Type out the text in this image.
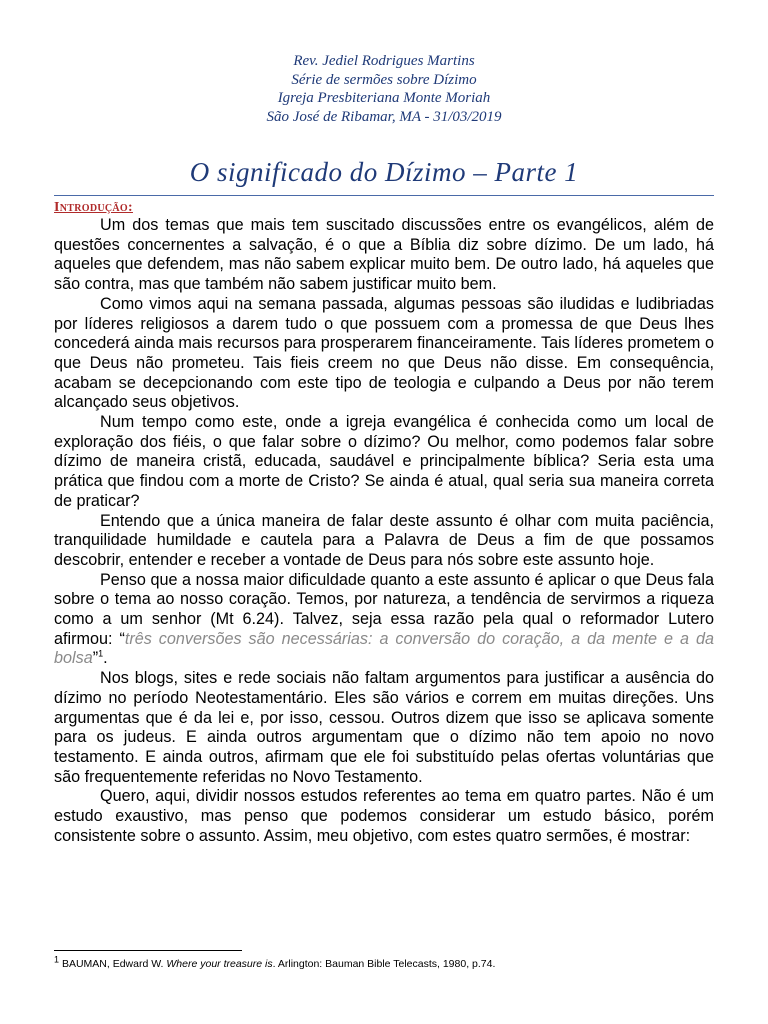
Rev. Jediel Rodrigues Martins
Série de sermões sobre Dízimo
Igreja Presbiteriana Monte Moriah
São José de Ribamar, MA - 31/03/2019
O significado do Dízimo – Parte 1
Introdução:

Um dos temas que mais tem suscitado discussões entre os evangélicos, além de questões concernentes a salvação, é o que a Bíblia diz sobre dízimo. De um lado, há aqueles que defendem, mas não sabem explicar muito bem. De outro lado, há aqueles que são contra, mas que também não sabem justificar muito bem.

Como vimos aqui na semana passada, algumas pessoas são iludidas e ludibriadas por líderes religiosos a darem tudo o que possuem com a promessa de que Deus lhes concederá ainda mais recursos para prosperarem financeiramente. Tais líderes prometem o que Deus não prometeu. Tais fieis creem no que Deus não disse. Em consequência, acabam se decepcionando com este tipo de teologia e culpando a Deus por não terem alcançado seus objetivos.

Num tempo como este, onde a igreja evangélica é conhecida como um local de exploração dos fiéis, o que falar sobre o dízimo? Ou melhor, como podemos falar sobre dízimo de maneira cristã, educada, saudável e principalmente bíblica? Seria esta uma prática que findou com a morte de Cristo? Se ainda é atual, qual seria sua maneira correta de praticar?

Entendo que a única maneira de falar deste assunto é olhar com muita paciência, tranquilidade humildade e cautela para a Palavra de Deus a fim de que possamos descobrir, entender e receber a vontade de Deus para nós sobre este assunto hoje.

Penso que a nossa maior dificuldade quanto a este assunto é aplicar o que Deus fala sobre o tema ao nosso coração. Temos, por natureza, a tendência de servirmos a riqueza como a um senhor (Mt 6.24). Talvez, seja essa razão pela qual o reformador Lutero afirmou: “três conversões são necessárias: a conversão do coração, a da mente e a da bolsa”$^1$.

Nos blogs, sites e rede sociais não faltam argumentos para justificar a ausência do dízimo no período Neotestamentário. Eles são vários e correm em muitas direções. Uns argumentas que é da lei e, por isso, cessou. Outros dizem que isso se aplicava somente para os judeus. E ainda outros argumentam que o dízimo não tem apoio no novo testamento. E ainda outros, afirmam que ele foi substituído pelas ofertas voluntárias que são frequentemente referidas no Novo Testamento.

Quero, aqui, dividir nossos estudos referentes ao tema em quatro partes. Não é um estudo exaustivo, mas penso que podemos considerar um estudo básico, porém consistente sobre o assunto. Assim, meu objetivo, com estes quatro sermões, é mostrar:

$^1$ BAUMAN, Edward W. Where your treasure is. Arlington: Bauman Bible Telecasts, 1980, p.74.
